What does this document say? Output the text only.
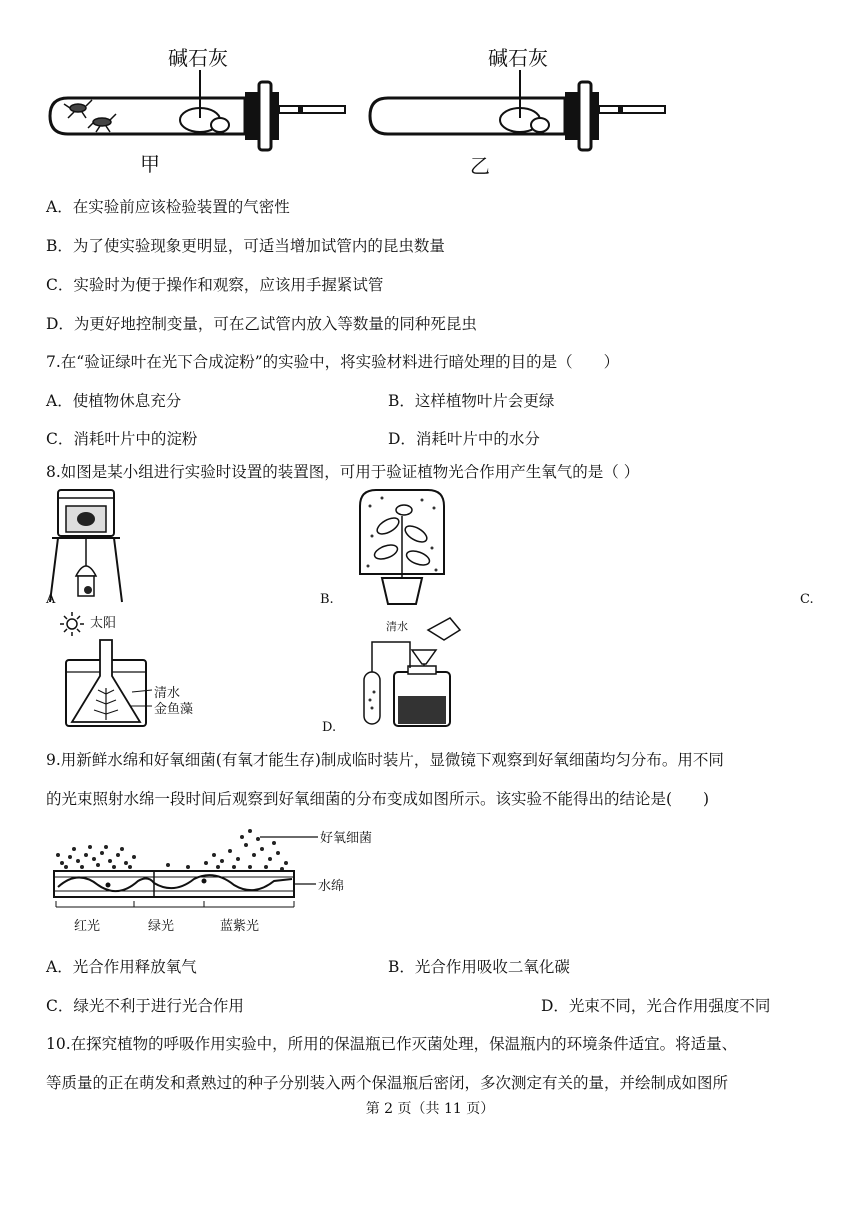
碱石灰	碱石灰
甲	乙
A．在实验前应该检验装置的气密性
B．为了使实验现象更明显，可适当增加试管内的昆虫数量
C．实验时为便于操作和观察，应该用手握紧试管
D．为更好地控制变量，可在乙试管内放入等数量的同种死昆虫
7.在“验证绿叶在光下合成淀粉”的实验中，将实验材料进行暗处理的目的是（　　）
A．使植物休息充分	B．这样植物叶片会更绿
C．消耗叶片中的淀粉	D．消耗叶片中的水分
8.如图是某小组进行实验时设置的装置图，可用于验证植物光合作用产生氧气的是（ ）
A	B.	C.
太阳
清水
金鱼藻
清水
D.
9.用新鲜水绵和好氧细菌(有氧才能生存)制成临时装片，显微镜下观察到好氧细菌均匀分布。用不同
的光束照射水绵一段时间后观察到好氧细菌的分布变成如图所示。该实验不能得出的结论是(　　)
好氧细菌
水绵
红光	绿光	蓝紫光
A．光合作用释放氧气	B．光合作用吸收二氧化碳
C．绿光不利于进行光合作用	D．光束不同，光合作用强度不同
10.在探究植物的呼吸作用实验中，所用的保温瓶已作灭菌处理，保温瓶内的环境条件适宜。将适量、
等质量的正在萌发和煮熟过的种子分别装入两个保温瓶后密闭，多次测定有关的量，并绘制成如图所
第 2 页（共 11 页）
